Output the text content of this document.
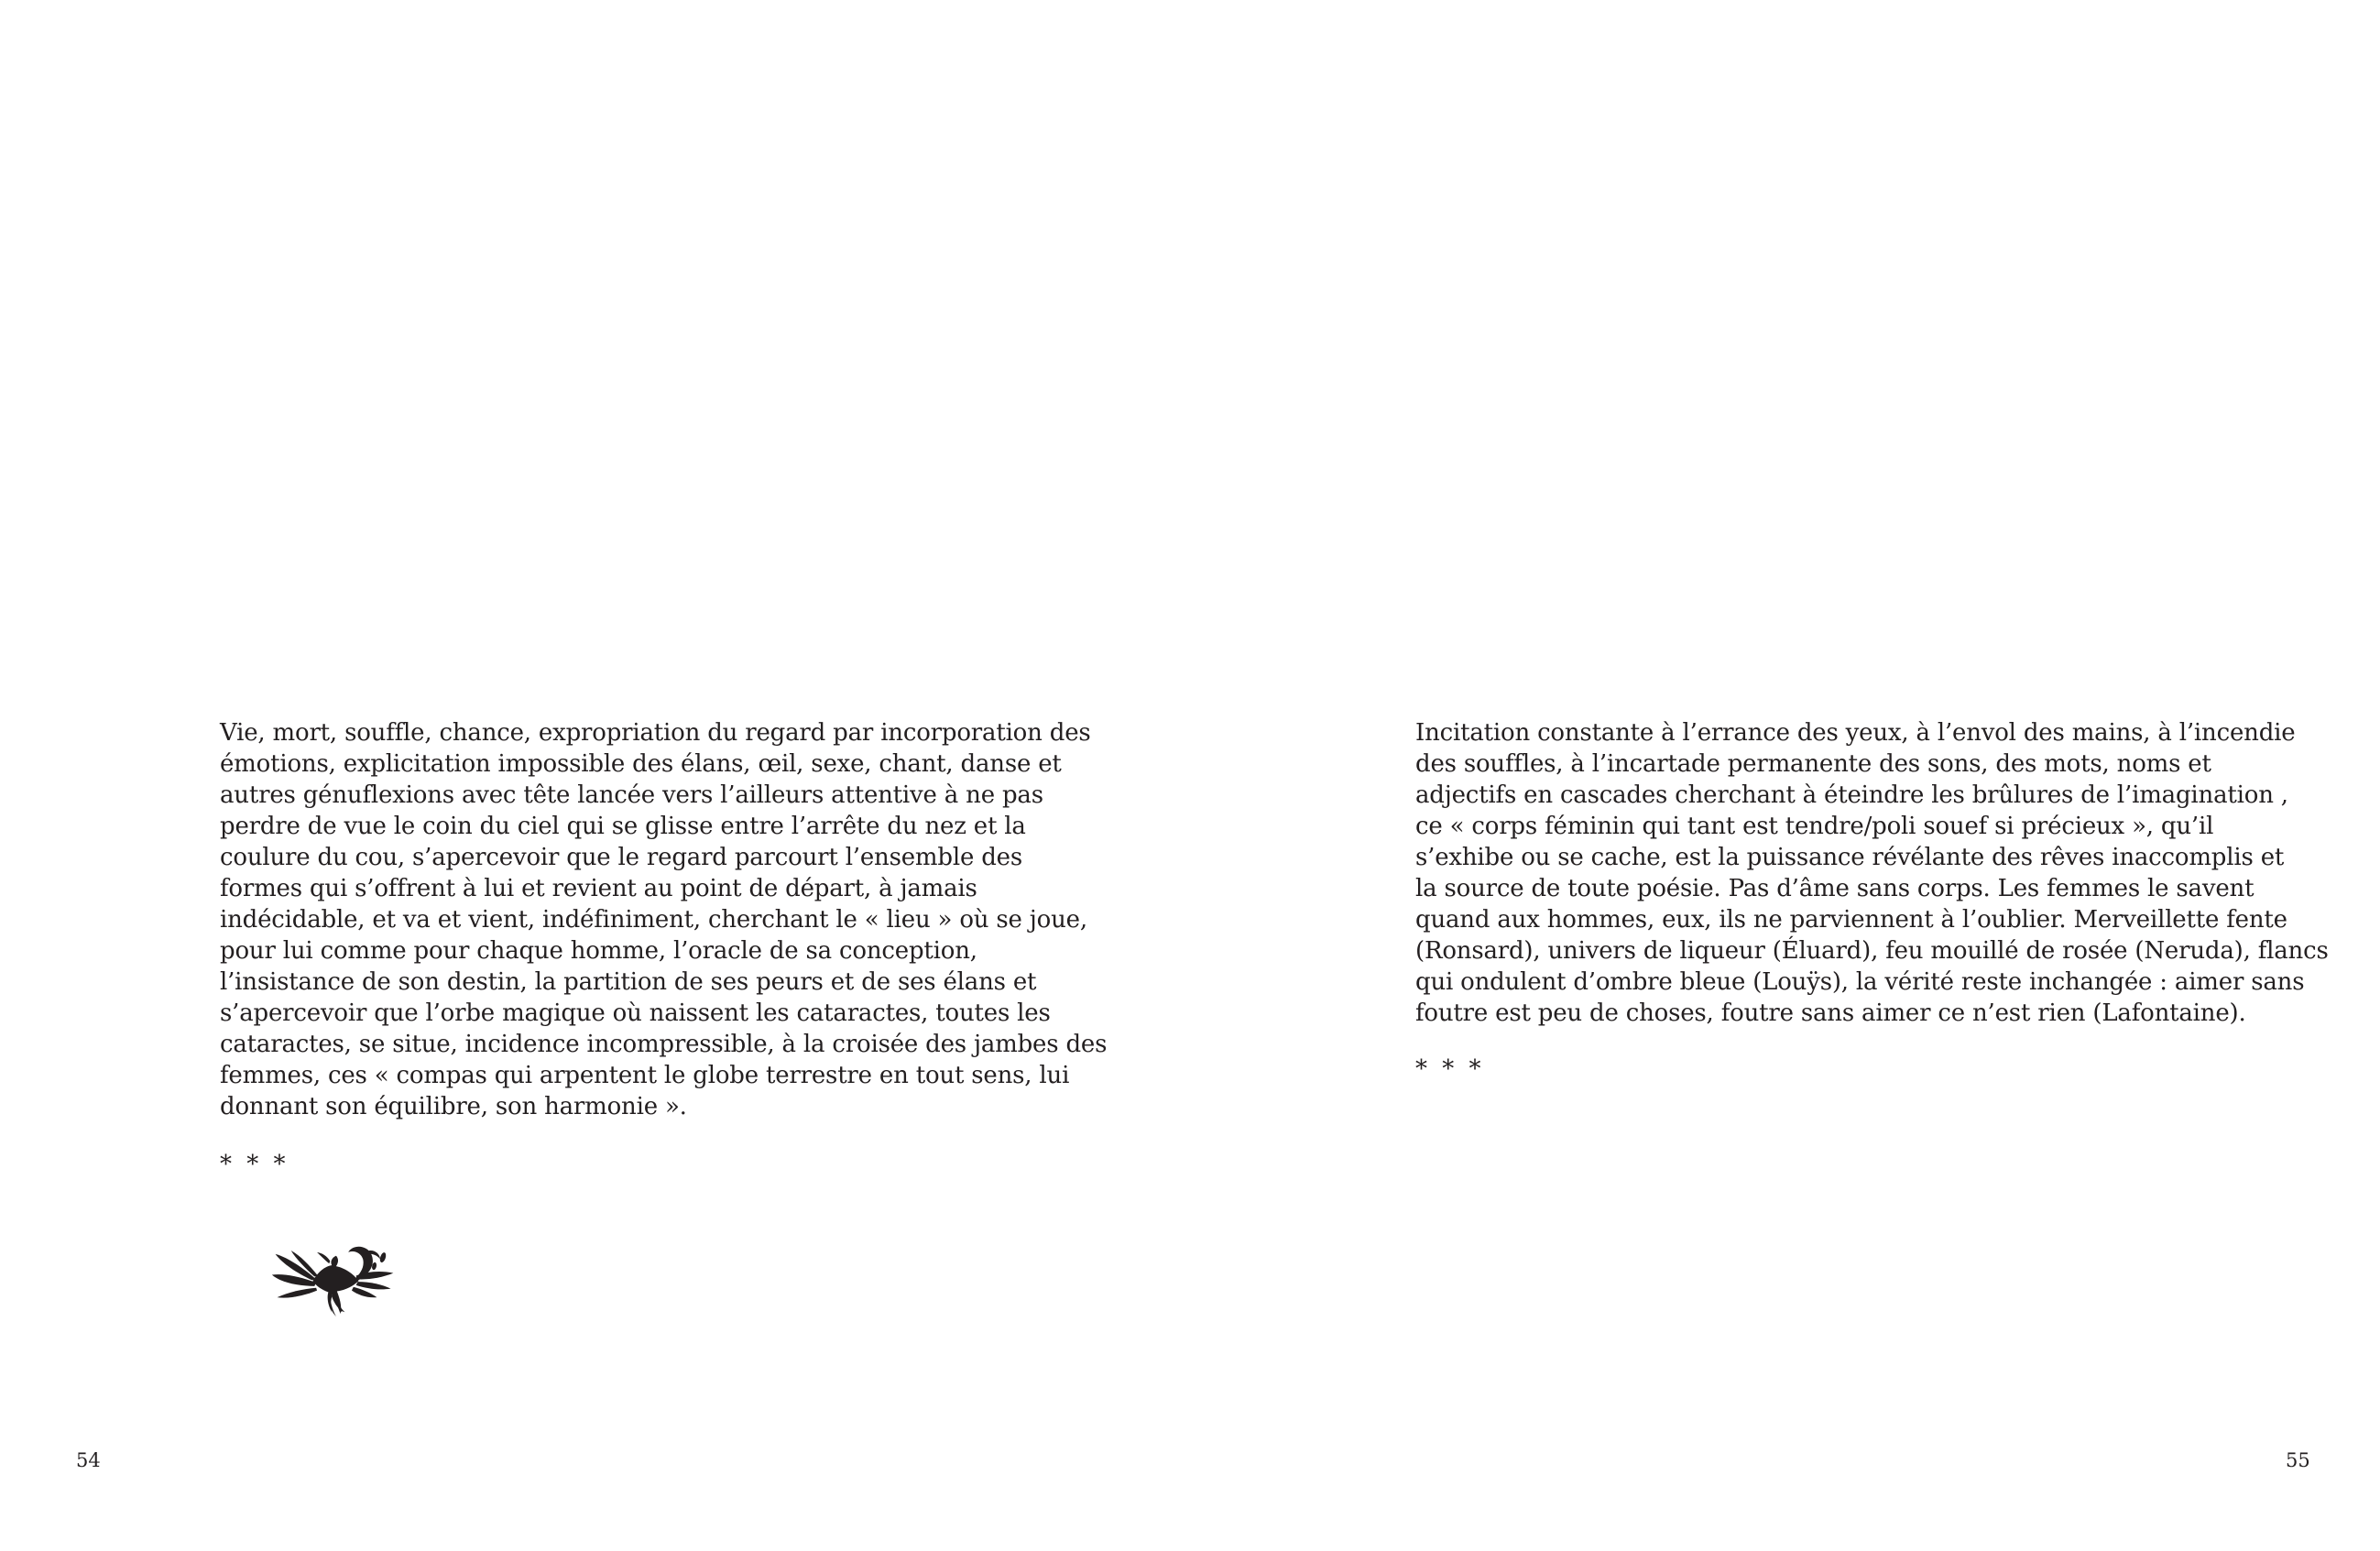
Vie, mort, souffle, chance, expropriation du regard par incorporation des
émotions, explicitation impossible des élans, œil, sexe, chant, danse et
autres génuflexions avec tête lancée vers l’ailleurs attentive à ne pas
perdre de vue le coin du ciel qui se glisse entre l’arrête du nez et la
coulure du cou, s’apercevoir que le regard parcourt l’ensemble des
formes qui s’offrent à lui et revient au point de départ, à jamais
indécidable, et va et vient, indéfiniment, cherchant le « lieu » où se joue,
pour lui comme pour chaque homme, l’oracle de sa conception,
l’insistance de son destin, la partition de ses peurs et de ses élans et
s’apercevoir que l’orbe magique où naissent les cataractes, toutes les
cataractes, se situe, incidence incompressible, à la croisée des jambes des
femmes, ces « compas qui arpentent le globe terrestre en tout sens, lui
donnant son équilibre, son harmonie ».
* * *
54
Incitation constante à l’errance des yeux, à l’envol des mains, à l’incendie
des souffles, à l’incartade permanente des sons, des mots, noms et
adjectifs en cascades cherchant à éteindre les brûlures de l’imagination ,
ce « corps féminin qui tant est tendre/poli souef si précieux », qu’il
s’exhibe ou se cache, est la puissance révélante des rêves inaccomplis et
la source de toute poésie. Pas d’âme sans corps. Les femmes le savent
quand aux hommes, eux, ils ne parviennent à l’oublier. Merveillette fente
(Ronsard), univers de liqueur (Éluard), feu mouillé de rosée (Neruda), flancs
qui ondulent d’ombre bleue (Louÿs), la vérité reste inchangée : aimer sans
foutre est peu de choses, foutre sans aimer ce n’est rien (Lafontaine).
* * *
55
